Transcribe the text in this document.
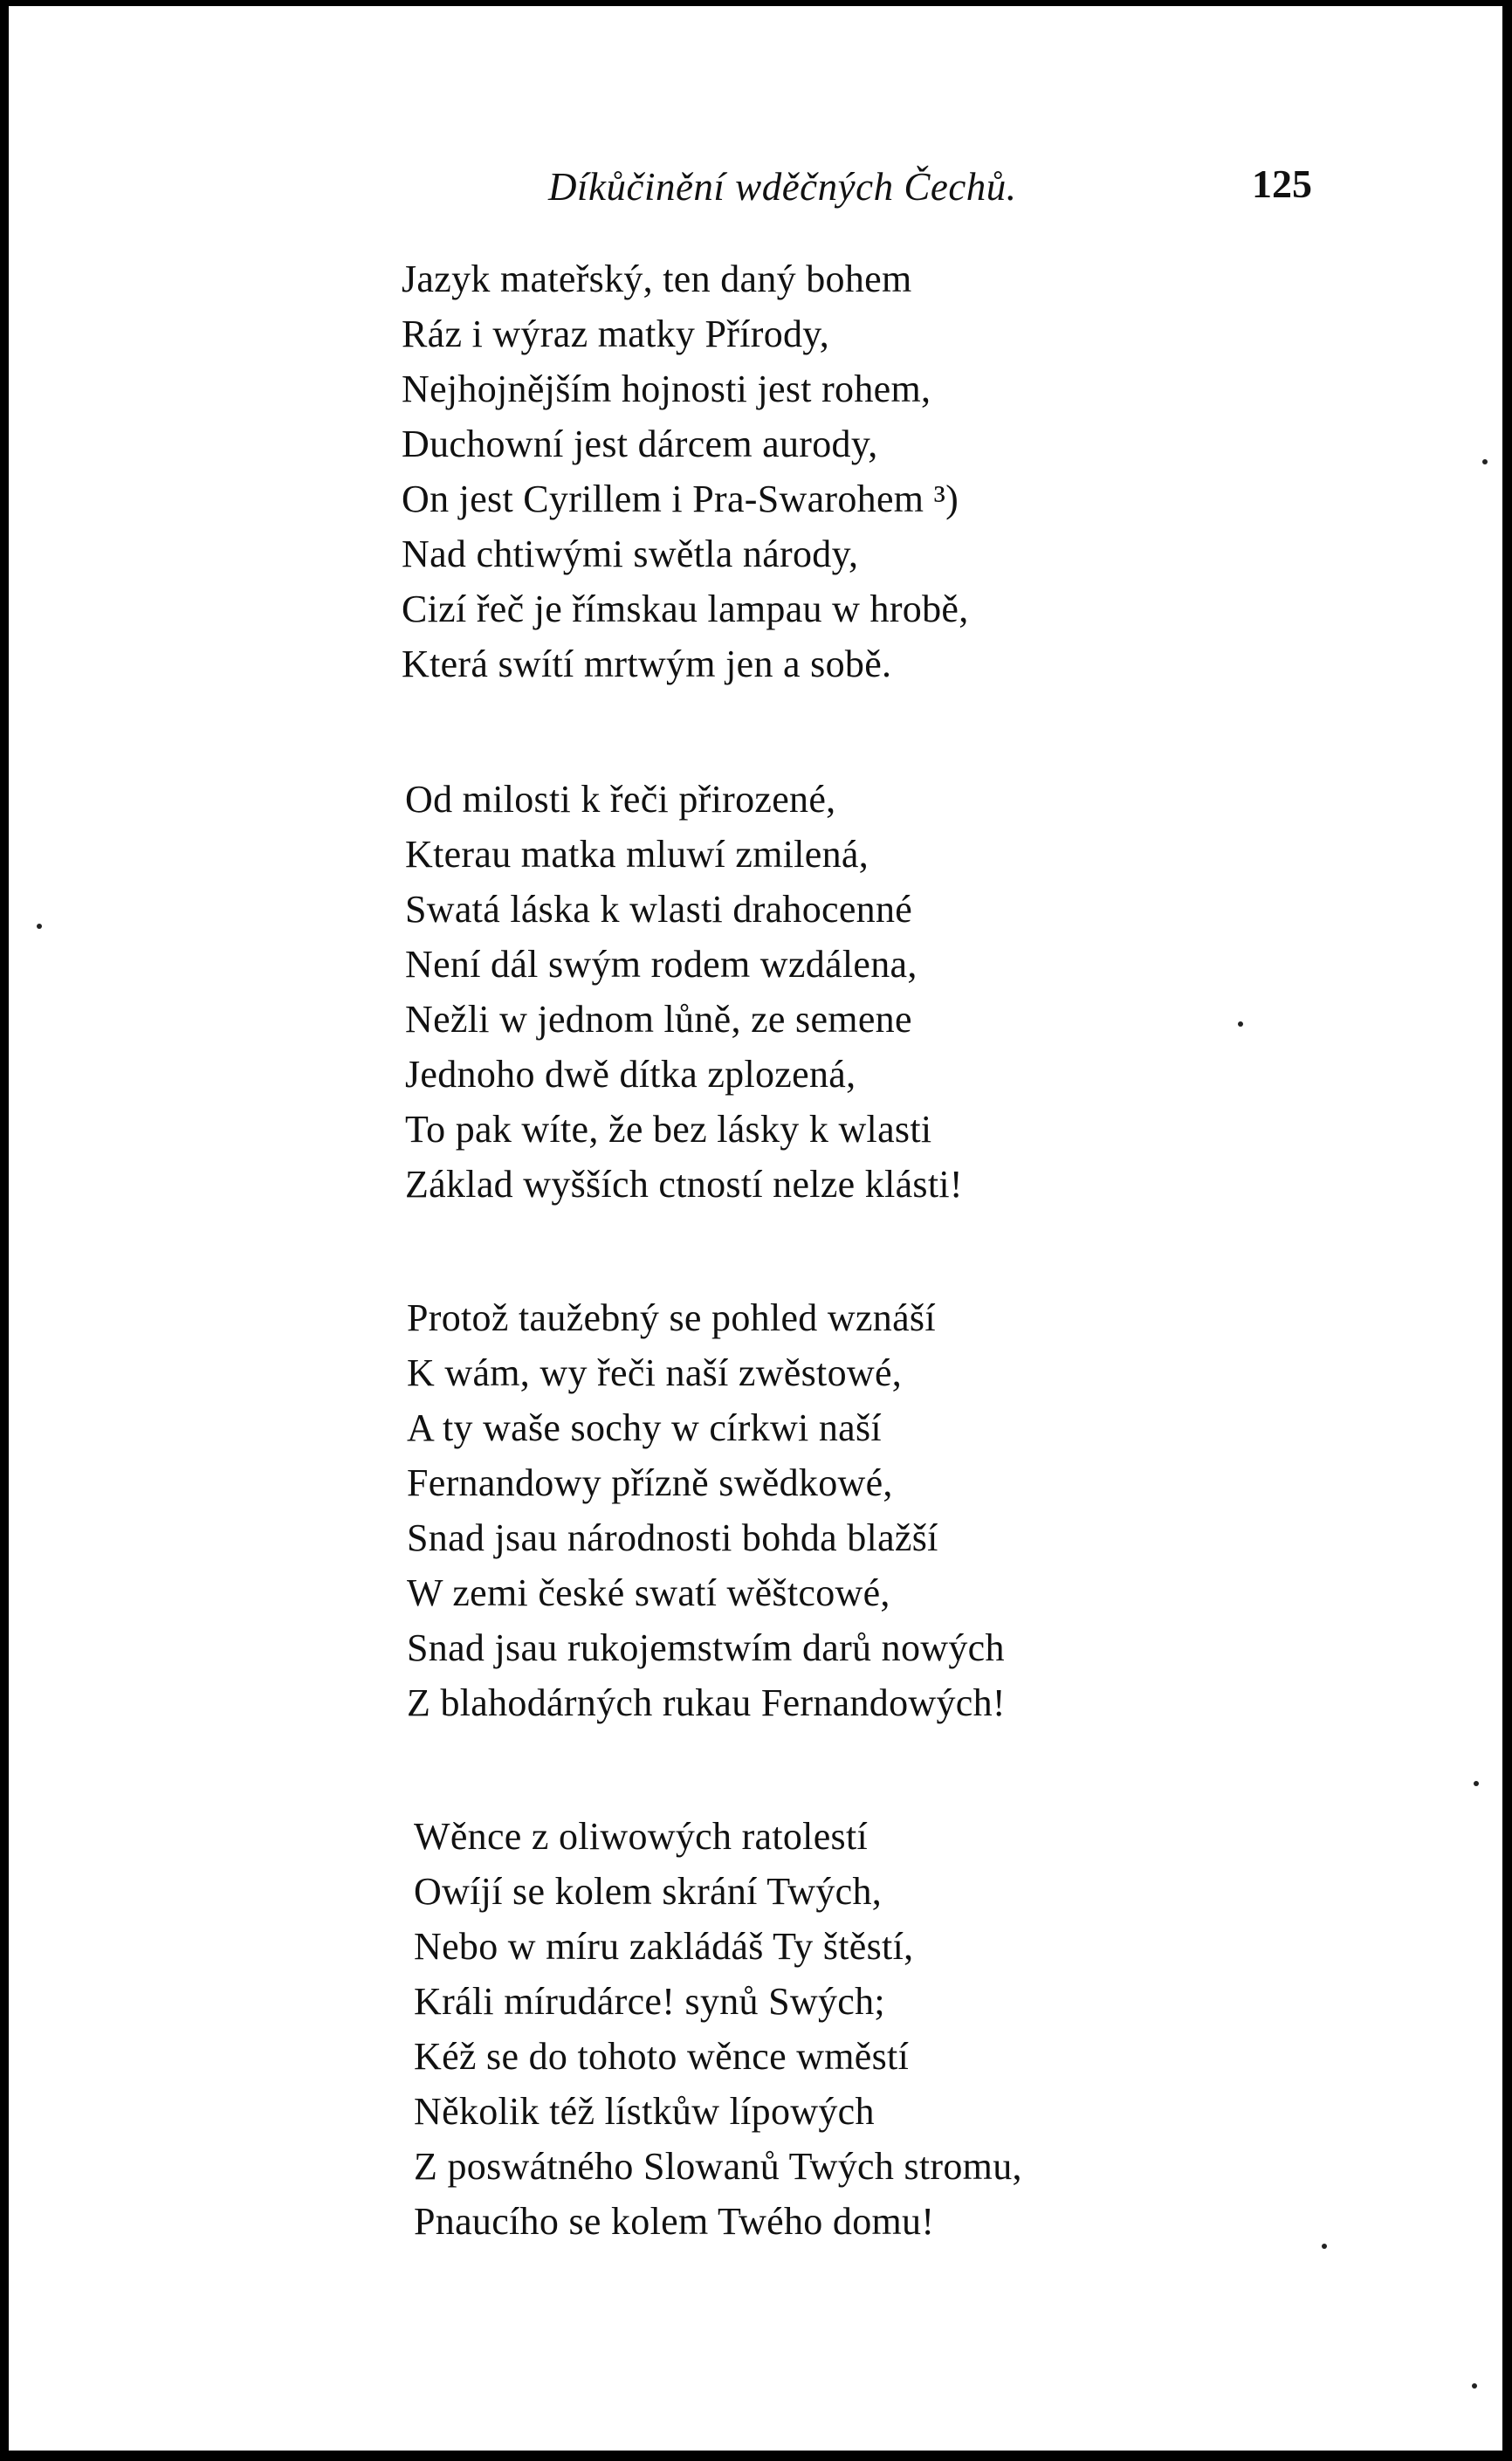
Díkůčinění wděčných Čechů.	125
Jazyk mateřský, ten daný bohem
Ráz i wýraz matky Přírody,
Nejhojnějším hojnosti jest rohem,
Duchowní jest dárcem aurody,
On jest Cyrillem i Pra-Swarohem ³)
Nad chtiwými swětla národy,
Cizí řeč je římskau lampau w hrobě,
Která swítí mrtwým jen a sobě.
Od milosti k řeči přirozené,
Kterau matka mluwí zmilená,
Swatá láska k wlasti drahocenné
Není dál swým rodem wzdálena,
Nežli w jednom lůně, ze semene
Jednoho dwě dítka zplozená,
To pak wíte, že bez lásky k wlasti
Základ wyšších ctností nelze klásti!
Protož taužebný se pohled wznáší
K wám, wy řeči naší zwěstowé,
A ty waše sochy w církwi naší
Fernandowy přízně swědkowé,
Snad jsau národnosti bohda blažší
W zemi české swatí wěštcowé,
Snad jsau rukojemstwím darů nowých
Z blahodárných rukau Fernandowých!
Wěnce z oliwowých ratolestí
Owíjí se kolem skrání Twých,
Nebo w míru zakládáš Ty štěstí,
Králi mírudárce! synů Swých;
Kéž se do tohoto wěnce wměstí
Několik též lístkůw lípowých
Z poswátného Slowanů Twých stromu,
Pnaucího se kolem Twého domu!
